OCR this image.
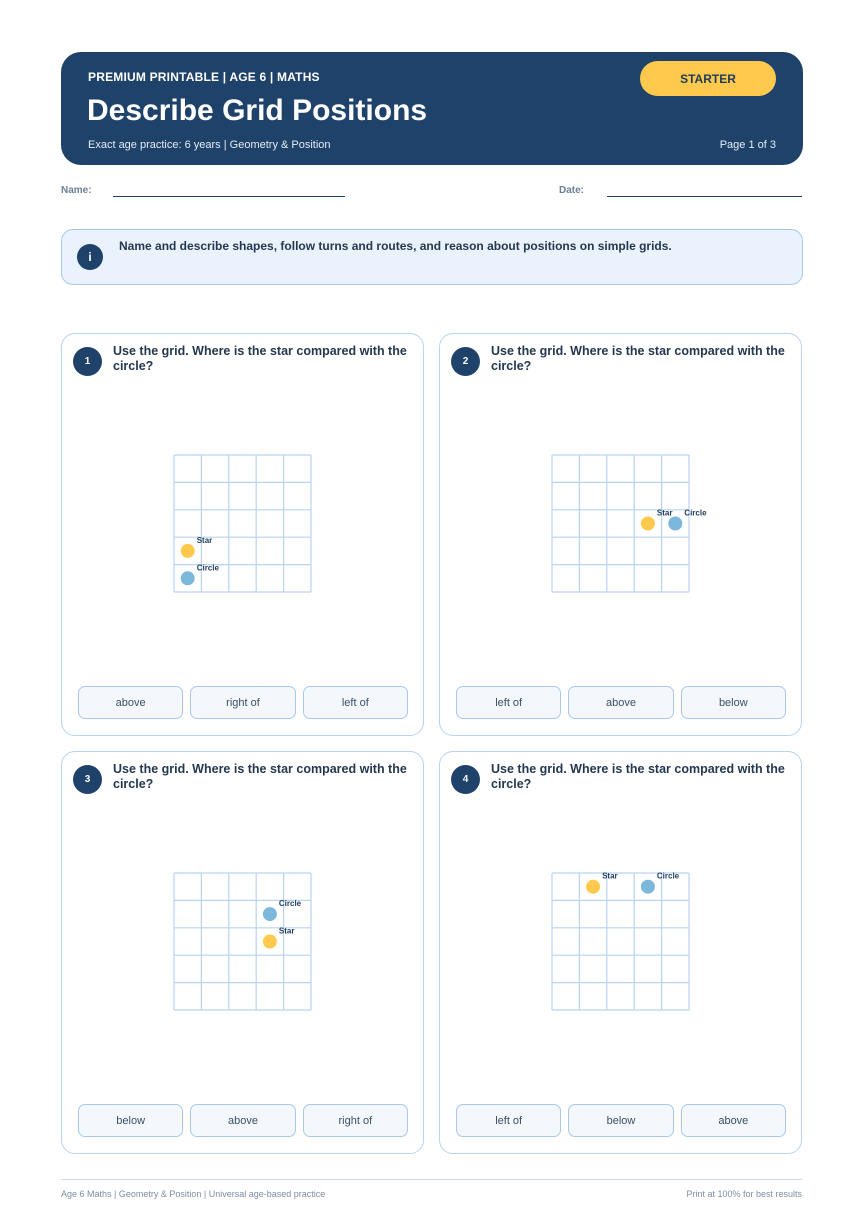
PREMIUM PRINTABLE | AGE 6 | MATHS
Describe Grid Positions
Exact age practice: 6 years | Geometry & Position	Page 1 of 3
STARTER
Name:	Date:
i
Name and describe shapes, follow turns and routes, and reason about positions on simple grids.
1
Use the grid. Where is the star compared with the circle?
Star
Circle
above	right of	left of
2
Use the grid. Where is the star compared with the circle?
Star Circle
left of	above	below
3
Use the grid. Where is the star compared with the circle?
Star
Circle
below	above	right of
4
Use the grid. Where is the star compared with the circle?
Star	Circle
left of	below	above
Age 6 Maths | Geometry & Position | Universal age-based practice	Print at 100% for best results
